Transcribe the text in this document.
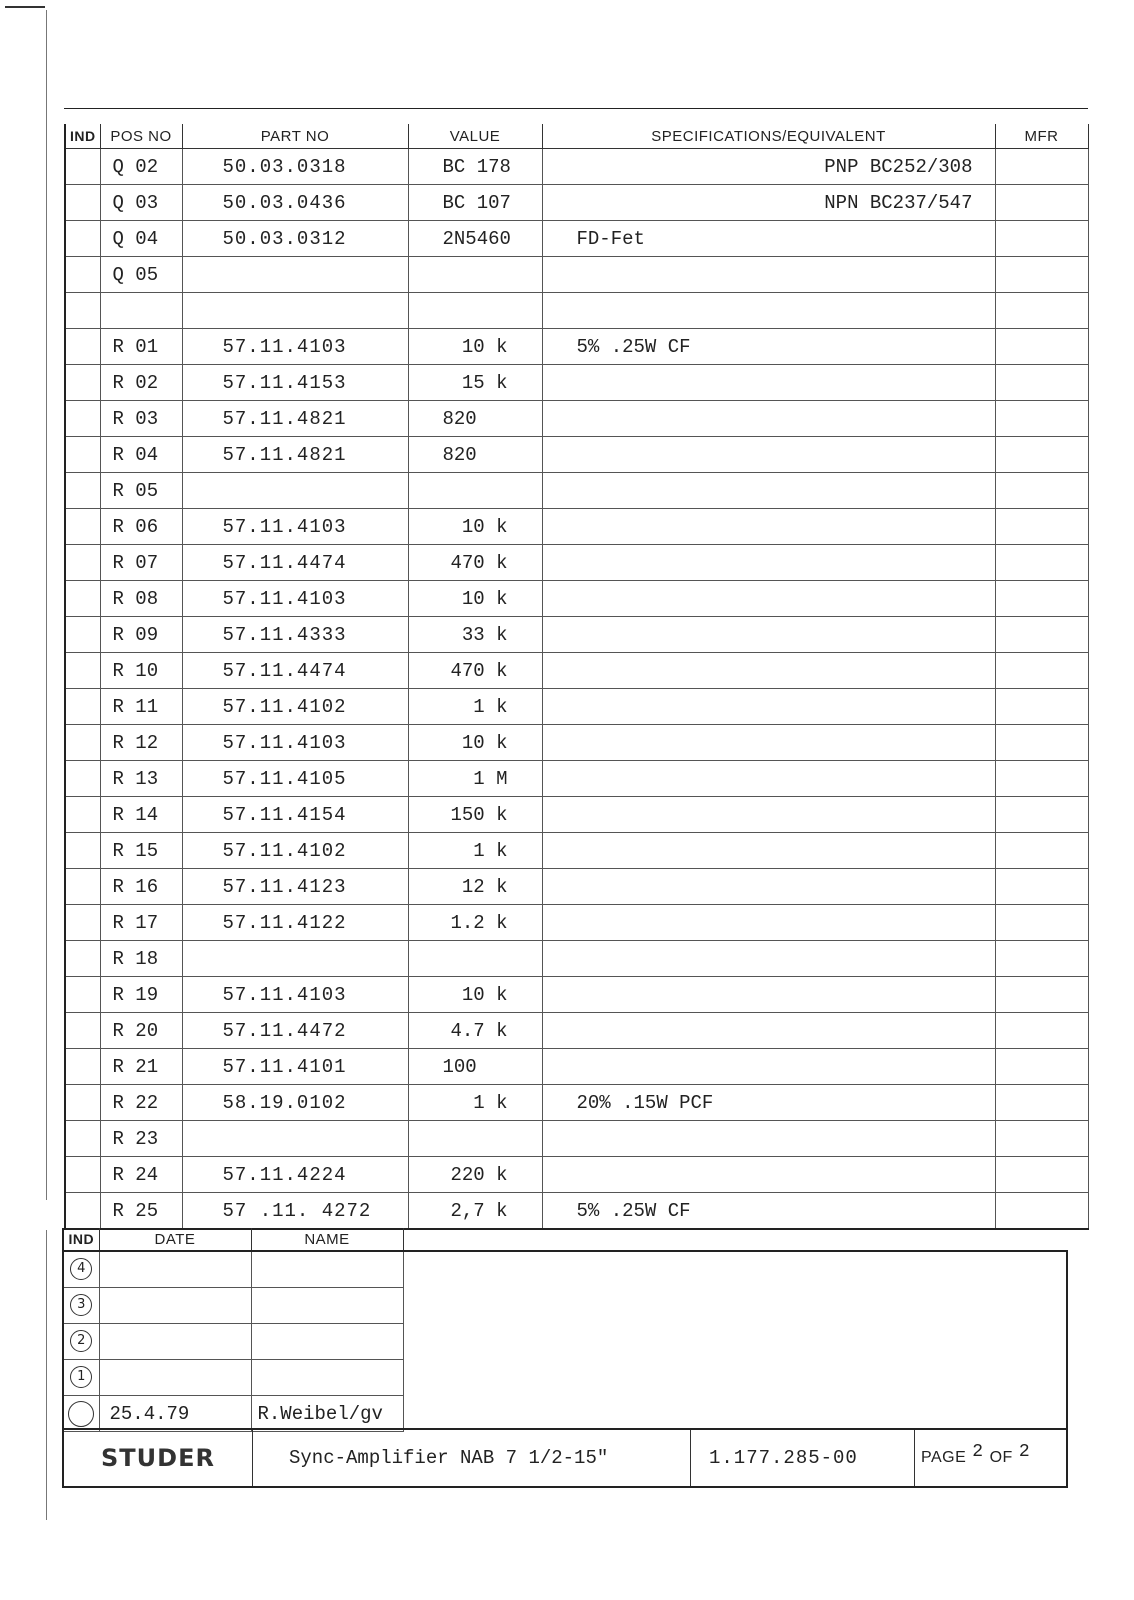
IND	POS NO	PART NO	VALUE	SPECIFICATIONS/EQUIVALENT	MFR
	Q 02	50.03.0318	BC 178	PNP BC252/308	
	Q 03	50.03.0436	BC 107	NPN BC237/547	
	Q 04	50.03.0312	2N5460	FD-Fet	
	Q 05				

	R 01	57.11.4103	10 k	5% .25W CF	
	R 02	57.11.4153	15 k		
	R 03	57.11.4821	820		
	R 04	57.11.4821	820		
	R 05				
	R 06	57.11.4103	10 k		
	R 07	57.11.4474	470 k		
	R 08	57.11.4103	10 k		
	R 09	57.11.4333	33 k		
	R 10	57.11.4474	470 k		
	R 11	57.11.4102	1 k		
	R 12	57.11.4103	10 k		
	R 13	57.11.4105	1 M		
	R 14	57.11.4154	150 k		
	R 15	57.11.4102	1 k		
	R 16	57.11.4123	12 k		
	R 17	57.11.4122	1.2 k		
	R 18				
	R 19	57.11.4103	10 k		
	R 20	57.11.4472	4.7 k		
	R 21	57.11.4101	100		
	R 22	58.19.0102	1 k	20% .15W PCF	
	R 23				
	R 24	57.11.4224	220 k		
	R 25	57 .11. 4272	2,7 k	5% .25W CF	
IND	DATE	NAME
4		
3		
2		
1		
	25.4.79	R.Weibel/gv
STUDER	Sync-Amplifier NAB 7 1/2-15"	1.177.285-00	PAGE 2 OF 2
